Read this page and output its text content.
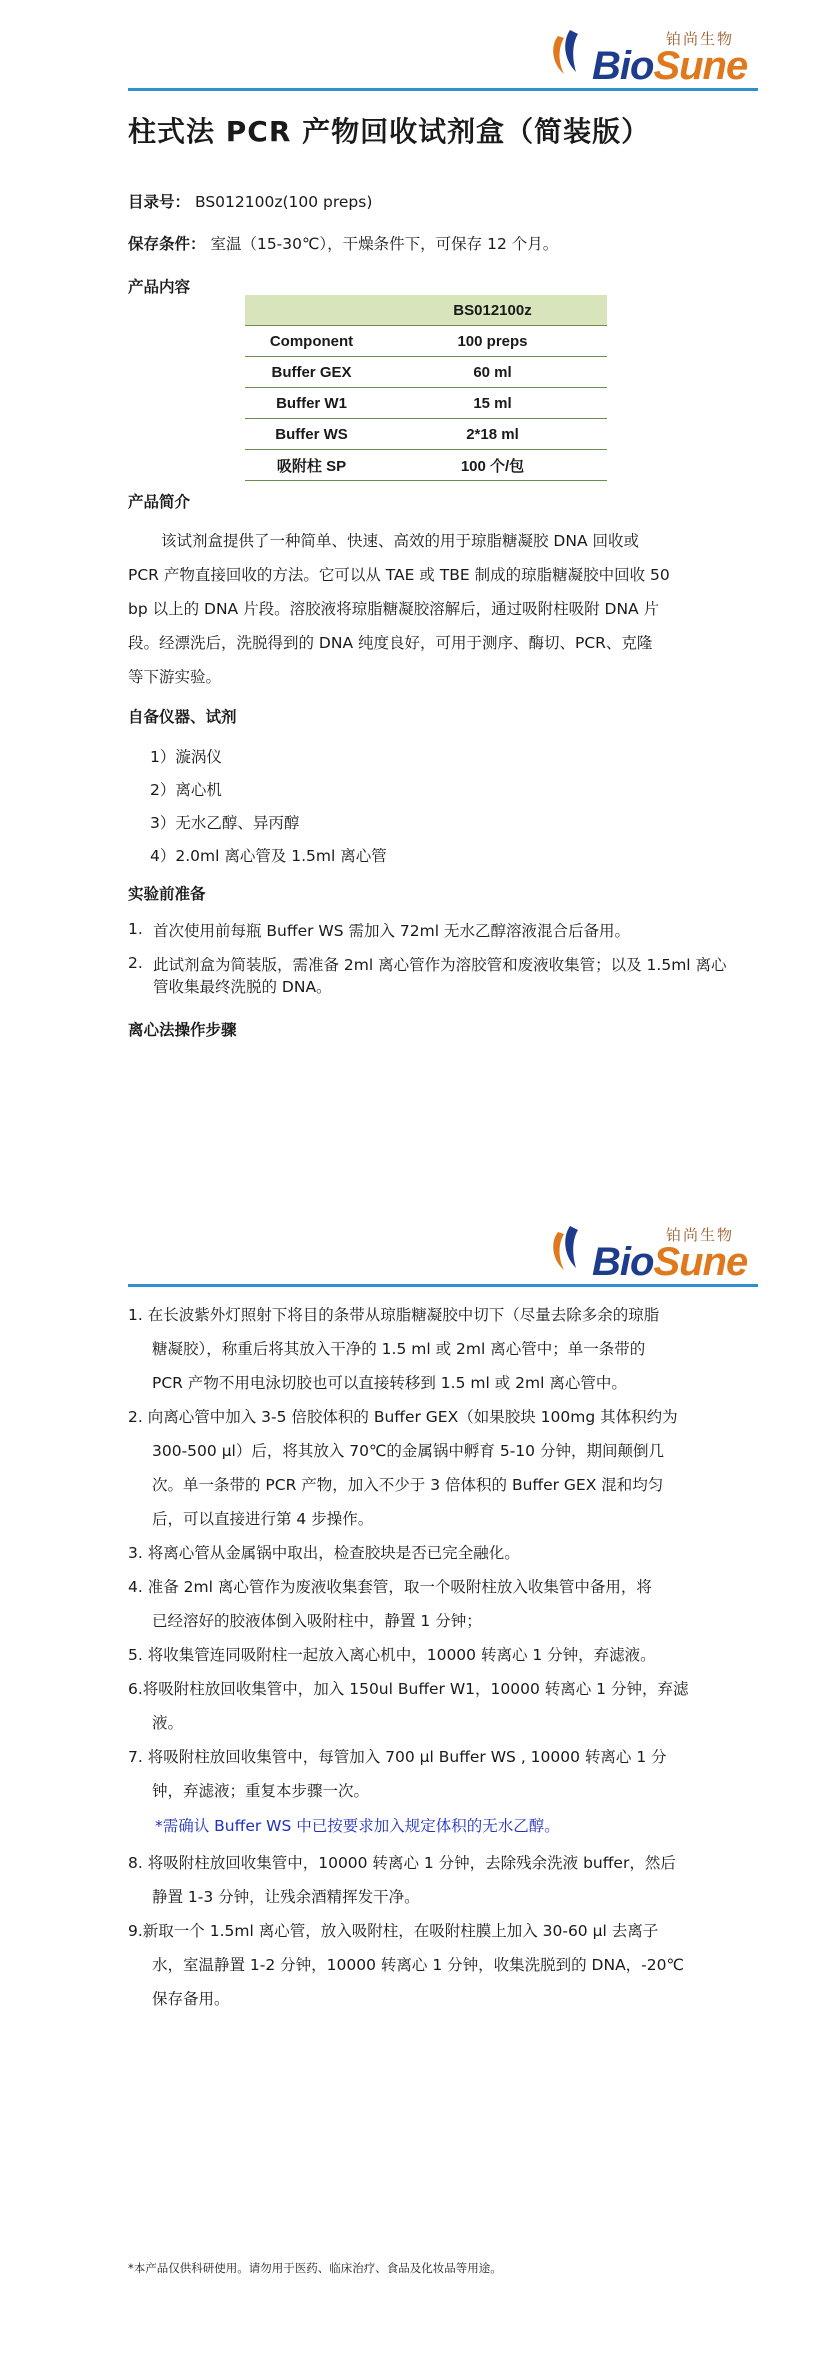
铂尚生物
BioSune
柱式法 PCR 产物回收试剂盒（简装版）
目录号： BS012100z(100 preps)
保存条件： 室温（15-30℃），干燥条件下，可保存 12 个月。
产品内容
	BS012100z
Component	100 preps
Buffer GEX	60 ml
Buffer W1	15 ml
Buffer WS	2*18 ml
吸附柱 SP	100 个/包
产品简介
该试剂盒提供了一种简单、快速、高效的用于琼脂糖凝胶 DNA 回收或
PCR 产物直接回收的方法。它可以从 TAE 或 TBE 制成的琼脂糖凝胶中回收 50
bp 以上的 DNA 片段。溶胶液将琼脂糖凝胶溶解后，通过吸附柱吸附 DNA 片
段。经漂洗后，洗脱得到的 DNA 纯度良好，可用于测序、酶切、PCR、克隆
等下游实验。
自备仪器、试剂
1）漩涡仪
2）离心机
3）无水乙醇、异丙醇
4）2.0ml 离心管及 1.5ml 离心管
实验前准备
1. 首次使用前每瓶 Buffer WS 需加入 72ml 无水乙醇溶液混合后备用。
2. 此试剂盒为简装版，需准备 2ml 离心管作为溶胶管和废液收集管；以及 1.5ml 离心管收集最终洗脱的 DNA。
离心法操作步骤
铂尚生物
BioSune
1. 在长波紫外灯照射下将目的条带从琼脂糖凝胶中切下（尽量去除多余的琼脂
糖凝胶），称重后将其放入干净的 1.5 ml 或 2ml 离心管中；单一条带的
PCR 产物不用电泳切胶也可以直接转移到 1.5 ml 或 2ml 离心管中。
2. 向离心管中加入 3-5 倍胶体积的 Buffer GEX（如果胶块 100mg 其体积约为
300-500 μl）后，将其放入 70℃的金属锅中孵育 5-10 分钟，期间颠倒几
次。单一条带的 PCR 产物，加入不少于 3 倍体积的 Buffer GEX 混和均匀
后，可以直接进行第 4 步操作。
3. 将离心管从金属锅中取出，检查胶块是否已完全融化。
4. 准备 2ml 离心管作为废液收集套管，取一个吸附柱放入收集管中备用，将
已经溶好的胶液体倒入吸附柱中，静置 1 分钟；
5. 将收集管连同吸附柱一起放入离心机中，10000 转离心 1 分钟，弃滤液。
6.将吸附柱放回收集管中，加入 150ul Buffer W1，10000 转离心 1 分钟，弃滤
液。
7. 将吸附柱放回收集管中，每管加入 700 μl Buffer WS , 10000 转离心 1 分
钟，弃滤液；重复本步骤一次。
*需确认 Buffer WS 中已按要求加入规定体积的无水乙醇。
8. 将吸附柱放回收集管中，10000 转离心 1 分钟，去除残余洗液 buffer，然后
静置 1-3 分钟，让残余酒精挥发干净。
9.新取一个 1.5ml 离心管，放入吸附柱，在吸附柱膜上加入 30-60 μl 去离子
水，室温静置 1-2 分钟，10000 转离心 1 分钟，收集洗脱到的 DNA，-20℃
保存备用。
*本产品仅供科研使用。请勿用于医药、临床治疗、食品及化妆品等用途。
